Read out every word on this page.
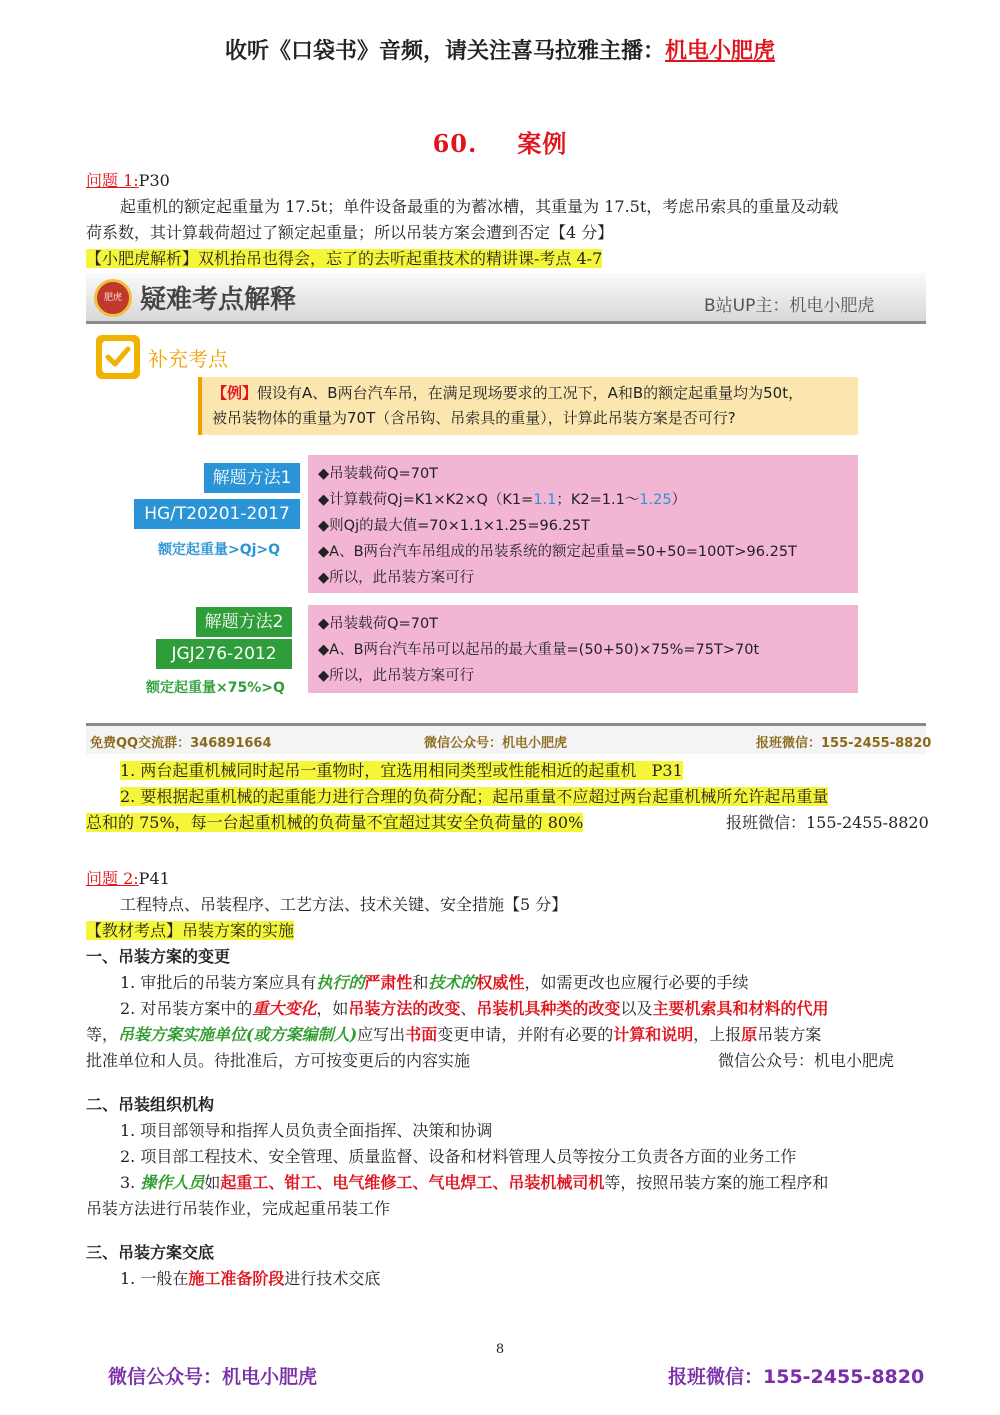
收听《口袋书》音频，请关注喜马拉雅主播：机电小肥虎
60. 案例
问题 1:P30
起重机的额定起重量为 17.5t；单件设备最重的为蓄冰槽，其重量为 17.5t，考虑吊索具的重量及动载
荷系数，其计算载荷超过了额定起重量；所以吊装方案会遭到否定【4 分】
【小肥虎解析】双机抬吊也得会，忘了的去听起重技术的精讲课-考点 4-7
肥虎 疑难考点解释	B站UP主：机电小肥虎
补充考点
【例】假设有A、B两台汽车吊，在满足现场要求的工况下，A和B的额定起重量均为50t，
被吊装物体的重量为70T（含吊钩、吊索具的重量），计算此吊装方案是否可行?
解题方法1
HG/T20201-2017
额定起重量>Qj>Q
◆吊装载荷Q=70T
◆计算载荷Qj=K1×K2×Q（K1=1.1；K2=1.1～1.25）
◆则Qj的最大值=70×1.1×1.25=96.25T
◆A、B两台汽车吊组成的吊装系统的额定起重量=50+50=100T>96.25T
◆所以，此吊装方案可行
解题方法2
JGJ276-2012
额定起重量×75%>Q
◆吊装载荷Q=70T
◆A、B两台汽车吊可以起吊的最大重量=(50+50)×75%=75T>70t
◆所以，此吊装方案可行
免费QQ交流群：346891664	微信公众号：机电小肥虎	报班微信：155-2455-8820
1. 两台起重机械同时起吊一重物时，宜选用相同类型或性能相近的起重机 P31
2. 要根据起重机械的起重能力进行合理的负荷分配；起吊重量不应超过两台起重机械所允许起吊重量
总和的 75%，每一台起重机械的负荷量不宜超过其安全负荷量的 80%	报班微信：155-2455-8820
问题 2:P41
工程特点、吊装程序、工艺方法、技术关键、安全措施【5 分】
【教材考点】吊装方案的实施
一、吊装方案的变更
1. 审批后的吊装方案应具有执行的严肃性和技术的权威性，如需更改也应履行必要的手续
2. 对吊装方案中的重大变化，如吊装方法的改变、吊装机具种类的改变以及主要机索具和材料的代用
等，吊装方案实施单位(或方案编制人)应写出书面变更申请，并附有必要的计算和说明，上报原吊装方案
批准单位和人员。待批准后，方可按变更后的内容实施	微信公众号：机电小肥虎
二、吊装组织机构
1. 项目部领导和指挥人员负责全面指挥、决策和协调
2. 项目部工程技术、安全管理、质量监督、设备和材料管理人员等按分工负责各方面的业务工作
3. 操作人员如起重工、钳工、电气维修工、气电焊工、吊装机械司机等，按照吊装方案的施工程序和
吊装方法进行吊装作业，完成起重吊装工作
三、吊装方案交底
1. 一般在施工准备阶段进行技术交底
8
微信公众号：机电小肥虎	报班微信：155-2455-8820
